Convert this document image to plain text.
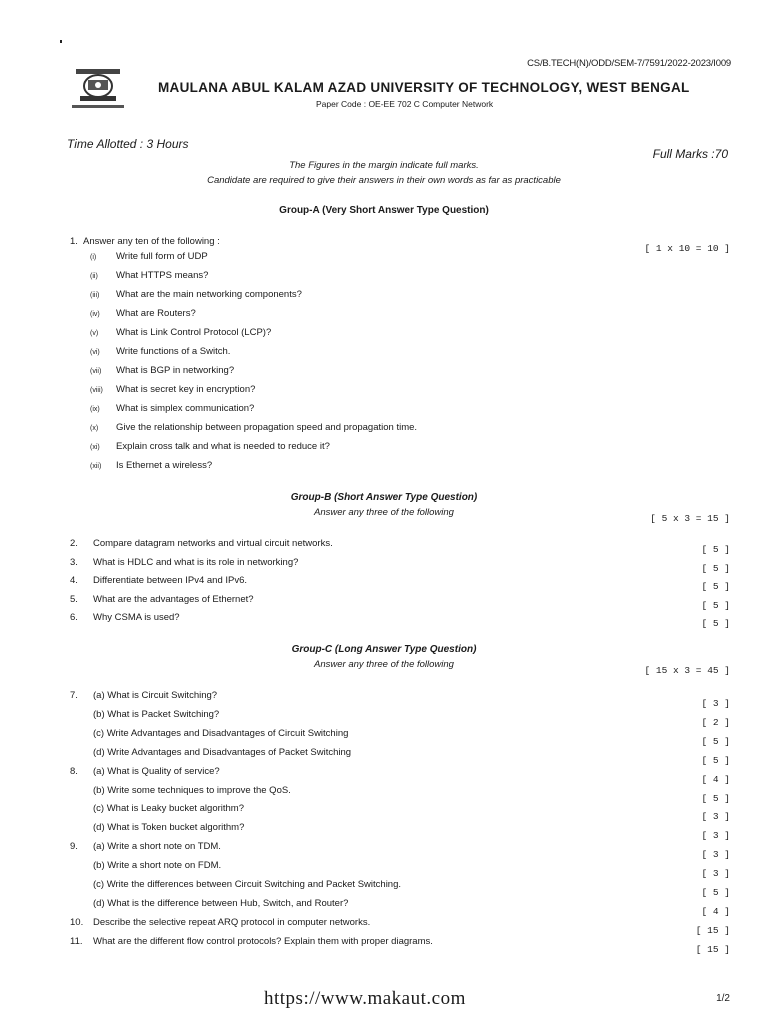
CS/B.TECH(N)/ODD/SEM-7/7591/2022-2023/I009
MAULANA ABUL KALAM AZAD UNIVERSITY OF TECHNOLOGY, WEST BENGAL
Paper Code : OE-EE 702 C Computer Network
Time Allotted : 3 Hours
Full Marks :70
The Figures in the margin indicate full marks.
Candidate are required to give their answers in their own words as far as practicable
Group-A (Very Short Answer Type Question)
1. Answer any ten of the following :
[ 1 x 10 = 10 ]
(i) Write full form of UDP
(ii) What HTTPS means?
(iii) What are the main networking components?
(iv) What are Routers?
(v) What is Link Control Protocol (LCP)?
(vi) Write functions of a Switch.
(vii) What is BGP in networking?
(viii) What is secret key in encryption?
(ix) What is simplex communication?
(x) Give the relationship between propagation speed and propagation time.
(xi) Explain cross talk and what is needed to reduce it?
(xii) Is Ethernet a wireless?
Group-B (Short Answer Type Question)
Answer any three of the following
[ 5 x 3 = 15 ]
2. Compare datagram networks and virtual circuit networks.
[ 5 ]
3. What is HDLC and what is its role in networking?
[ 5 ]
4. Differentiate between IPv4 and IPv6.
[ 5 ]
5. What are the advantages of Ethernet?
[ 5 ]
6. Why CSMA is used?
[ 5 ]
Group-C (Long Answer Type Question)
Answer any three of the following
[ 15 x 3 = 45 ]
7. (a) What is Circuit Switching?
[ 3 ]
(b) What is Packet Switching?
[ 2 ]
(c) Write Advantages and Disadvantages of Circuit Switching
[ 5 ]
(d) Write Advantages and Disadvantages of Packet Switching
[ 5 ]
8. (a) What is Quality of service?
[ 4 ]
(b) Write some techniques to improve the QoS.
[ 5 ]
(c) What is Leaky bucket algorithm?
[ 3 ]
(d) What is Token bucket algorithm?
[ 3 ]
9. (a) Write a short note on TDM.
[ 3 ]
(b) Write a short note on FDM.
[ 3 ]
(c) Write the differences between Circuit Switching and Packet Switching.
[ 5 ]
(d) What is the difference between Hub, Switch, and Router?
[ 4 ]
10. Describe the selective repeat ARQ protocol in computer networks.
[ 15 ]
11. What are the different flow control protocols? Explain them with proper diagrams.
[ 15 ]
https://www.makaut.com	1/2
